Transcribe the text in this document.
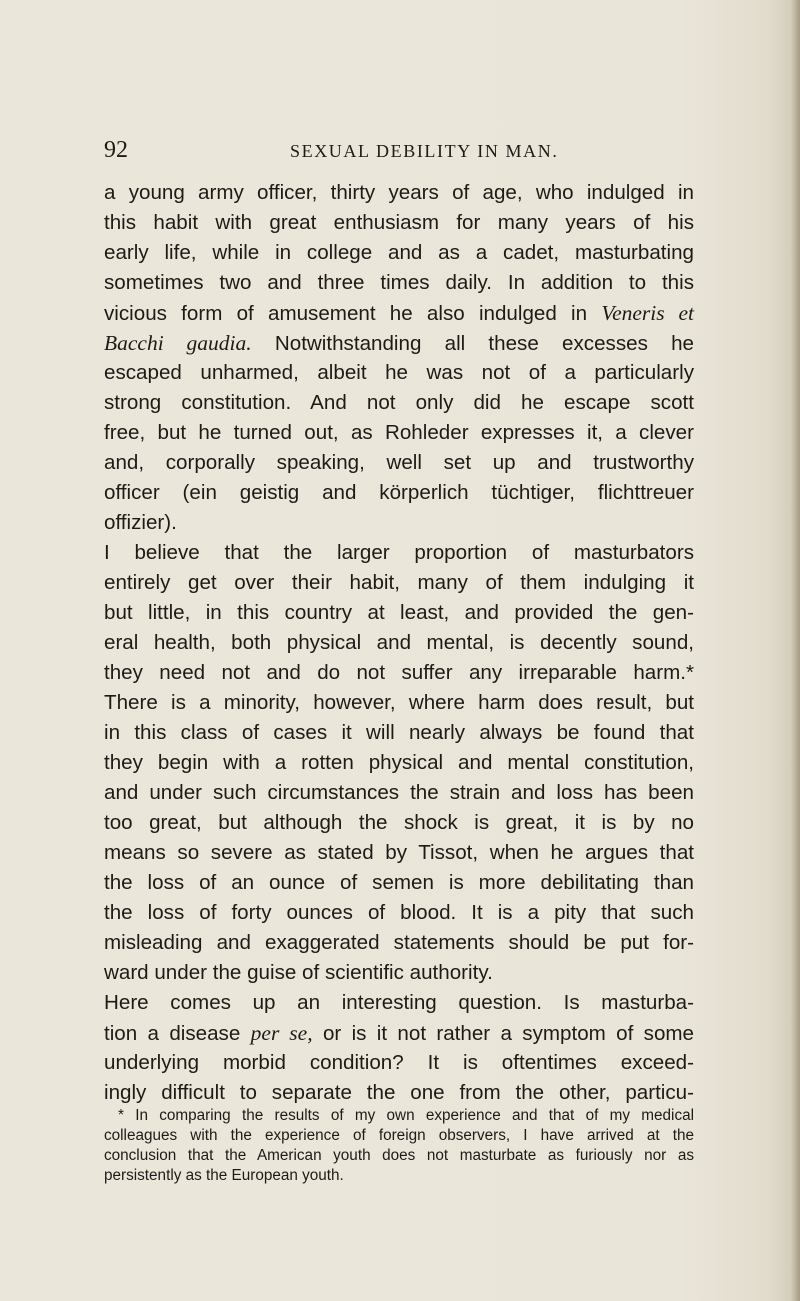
92	SEXUAL DEBILITY IN MAN.
a young army officer, thirty years of age, who indulged in
this habit with great enthusiasm for many years of his
early life, while in college and as a cadet, masturbating
sometimes two and three times daily. In addition to this
vicious form of amusement he also indulged in Veneris et
Bacchi gaudia. Notwithstanding all these excesses he
escaped unharmed, albeit he was not of a particularly
strong constitution. And not only did he escape scott
free, but he turned out, as Rohleder expresses it, a clever
and, corporally speaking, well set up and trustworthy
officer (ein geistig and körperlich tüchtiger, flichttreuer
offizier).
I believe that the larger proportion of masturbators
entirely get over their habit, many of them indulging it
but little, in this country at least, and provided the gen-
eral health, both physical and mental, is decently sound,
they need not and do not suffer any irreparable harm.*
There is a minority, however, where harm does result, but
in this class of cases it will nearly always be found that
they begin with a rotten physical and mental constitution,
and under such circumstances the strain and loss has been
too great, but although the shock is great, it is by no
means so severe as stated by Tissot, when he argues that
the loss of an ounce of semen is more debilitating than
the loss of forty ounces of blood. It is a pity that such
misleading and exaggerated statements should be put for-
ward under the guise of scientific authority.
Here comes up an interesting question. Is masturba-
tion a disease per se, or is it not rather a symptom of some
underlying morbid condition? It is oftentimes exceed-
ingly difficult to separate the one from the other, particu-
* In comparing the results of my own experience and that of my medical
colleagues with the experience of foreign observers, I have arrived at the
conclusion that the American youth does not masturbate as furiously nor as
persistently as the European youth.
